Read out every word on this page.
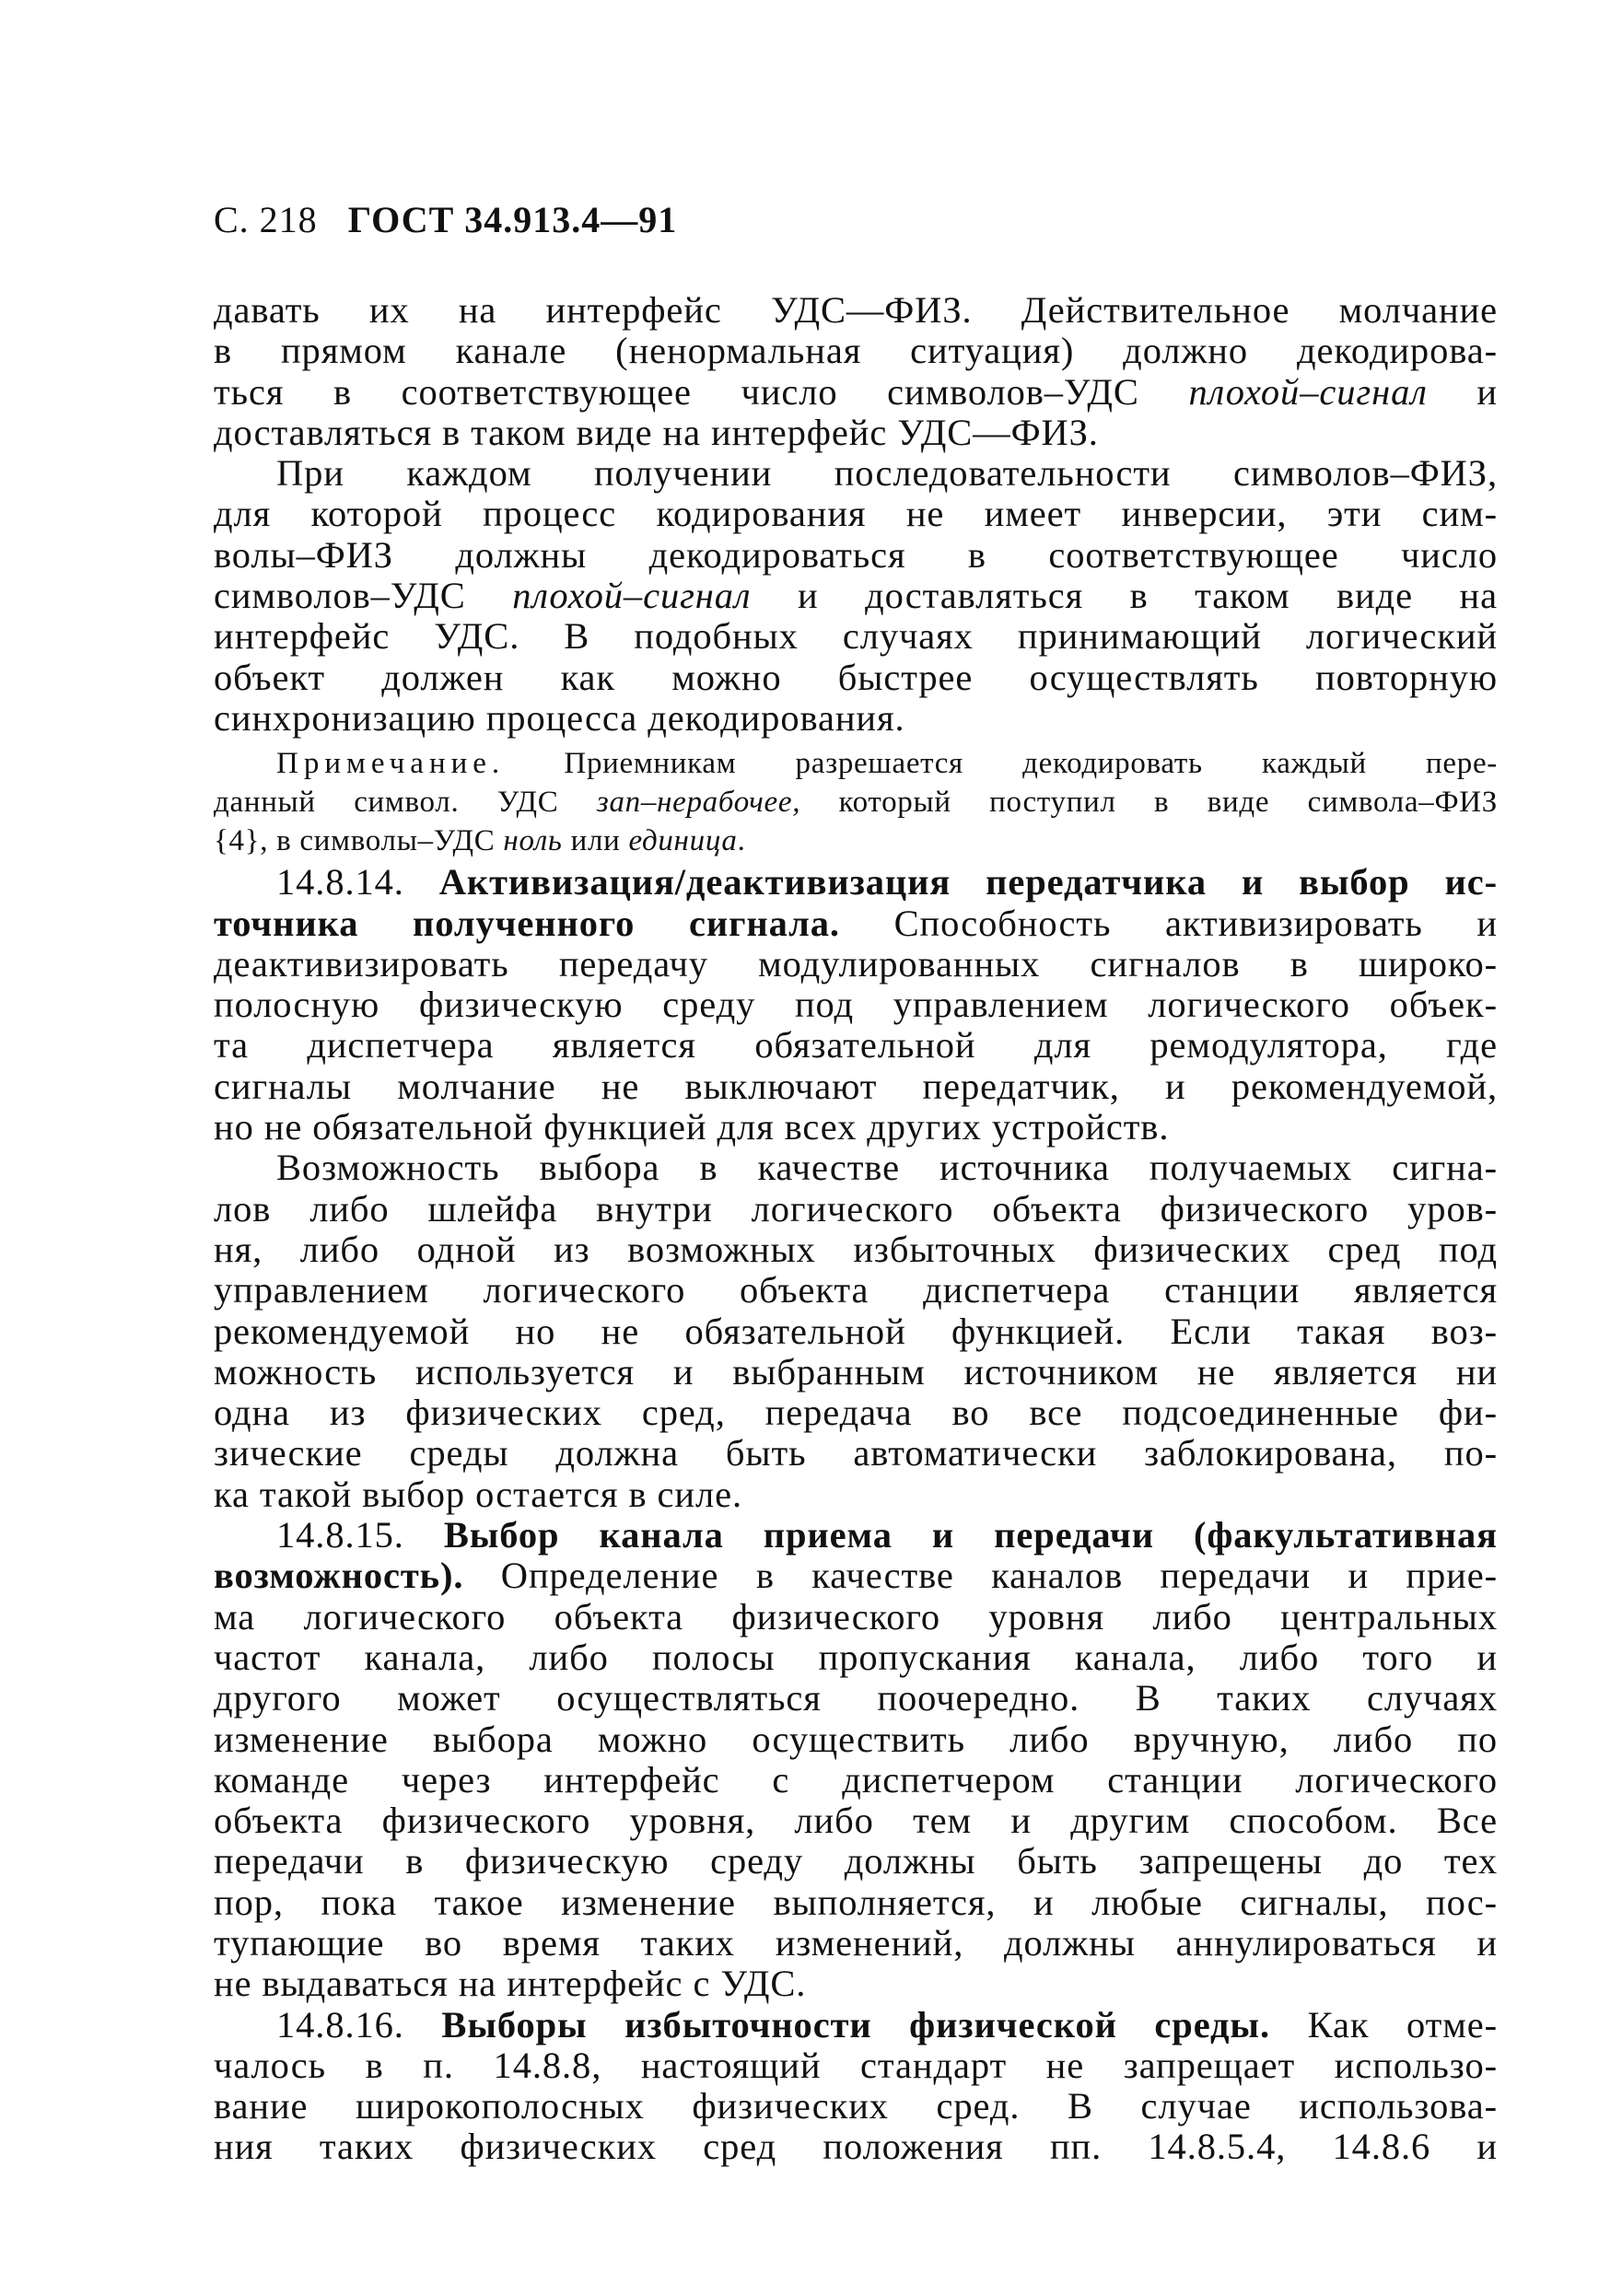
С. 218 ГОСТ 34.913.4—91

давать их на интерфейс УДС—ФИЗ. Действительное молчание
в прямом канале (ненормальная ситуация) должно декодирова-
ться в соответствующее число символов–УДС плохой–сигнал и
доставляться в таком виде на интерфейс УДС—ФИЗ.

При каждом получении последовательности символов–ФИЗ,
для которой процесс кодирования не имеет инверсии, эти сим-
волы–ФИЗ должны декодироваться в соответствующее число
символов–УДС плохой–сигнал и доставляться в таком виде на
интерфейс УДС. В подобных случаях принимающий логический
объект должен как можно быстрее осуществлять повторную
синхронизацию процесса декодирования.

Примечание. Приемникам разрешается декодировать каждый пере-
данный символ. УДС зап–нерабочее, который поступил в виде символа–ФИЗ
{4}, в символы–УДС ноль или единица.

14.8.14. Активизация/деактивизация передатчика и выбор ис-
точника полученного сигнала. Способность активизировать и
деактивизировать передачу модулированных сигналов в широко-
полосную физическую среду под управлением логического объек-
та диспетчера является обязательной для ремодулятора, где
сигналы молчание не выключают передатчик, и рекомендуемой,
но не обязательной функцией для всех других устройств.

Возможность выбора в качестве источника получаемых сигна-
лов либо шлейфа внутри логического объекта физического уров-
ня, либо одной из возможных избыточных физических сред под
управлением логического объекта диспетчера станции является
рекомендуемой но не обязательной функцией. Если такая воз-
можность используется и выбранным источником не является ни
одна из физических сред, передача во все подсоединенные фи-
зические среды должна быть автоматически заблокирована, по-
ка такой выбор остается в силе.

14.8.15. Выбор канала приема и передачи (факультативная
возможность). Определение в качестве каналов передачи и прие-
ма логического объекта физического уровня либо центральных
частот канала, либо полосы пропускания канала, либо того и
другого может осуществляться поочередно. В таких случаях
изменение выбора можно осуществить либо вручную, либо по
команде через интерфейс с диспетчером станции логического
объекта физического уровня, либо тем и другим способом. Все
передачи в физическую среду должны быть запрещены до тех
пор, пока такое изменение выполняется, и любые сигналы, пос-
тупающие во время таких изменений, должны аннулироваться и
не выдаваться на интерфейс с УДС.

14.8.16. Выборы избыточности физической среды. Как отме-
чалось в п. 14.8.8, настоящий стандарт не запрещает использо-
вание широкополосных физических сред. В случае использова-
ния таких физических сред положения пп. 14.8.5.4, 14.8.6 и
